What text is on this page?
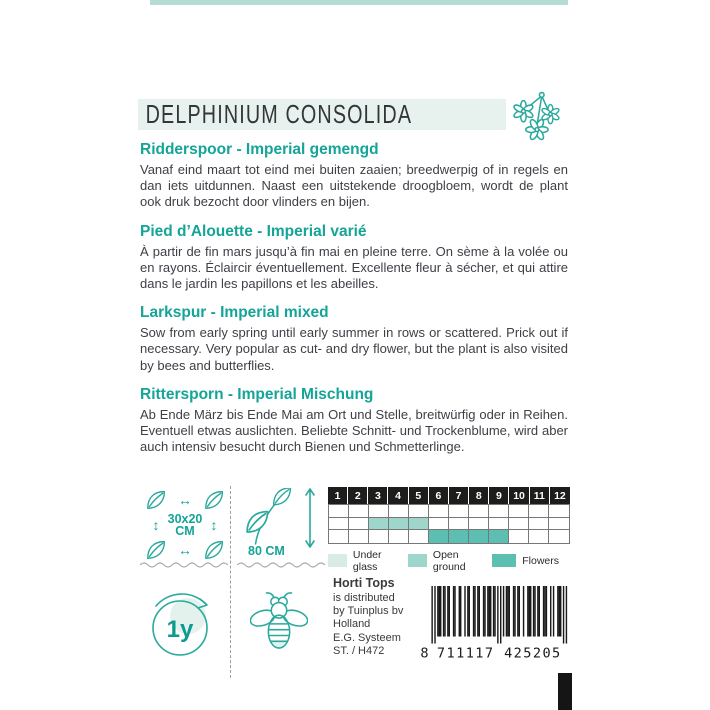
DELPHINIUM CONSOLIDA
Ridderspoor - Imperial gemengd

Vanaf eind maart tot eind mei buiten zaaien; breedwerpig of in regels en dan iets uitdunnen. Naast een uitstekende droogbloem, wordt de plant ook druk bezocht door vlinders en bijen.

Pied d’Alouette - Imperial varié

À partir de fin mars jusqu’à fin mai en pleine terre. On sème à la volée ou en rayons. Éclaircir éventuellement. Excellente fleur à sécher, et qui attire dans le jardin les papillons et les abeilles.

Larkspur - Imperial mixed

Sow from early spring until early summer in rows or scattered. Prick out if necessary. Very popular as cut- and dry flower, but the plant is also visited by bees and butterflies.

Rittersporn - Imperial Mischung

Ab Ende März bis Ende Mai am Ort und Stelle, breitwürfig oder in Reihen. Eventuell etwas auslichten. Beliebte Schnitt- und Trockenblume, wird aber auch intensiv besucht durch Bienen und Schmetterlinge.

↔
↕ 30x20
CM	↕
↔	80 CM
1y
1	2	3	4	5	6	7	8	9	10 11 12
Under glass
Open ground	Flowers
Horti Tops
is distributed
by Tuinplus bv
Holland
E.G. Systeem
ST. / H472	8 711117 425205
